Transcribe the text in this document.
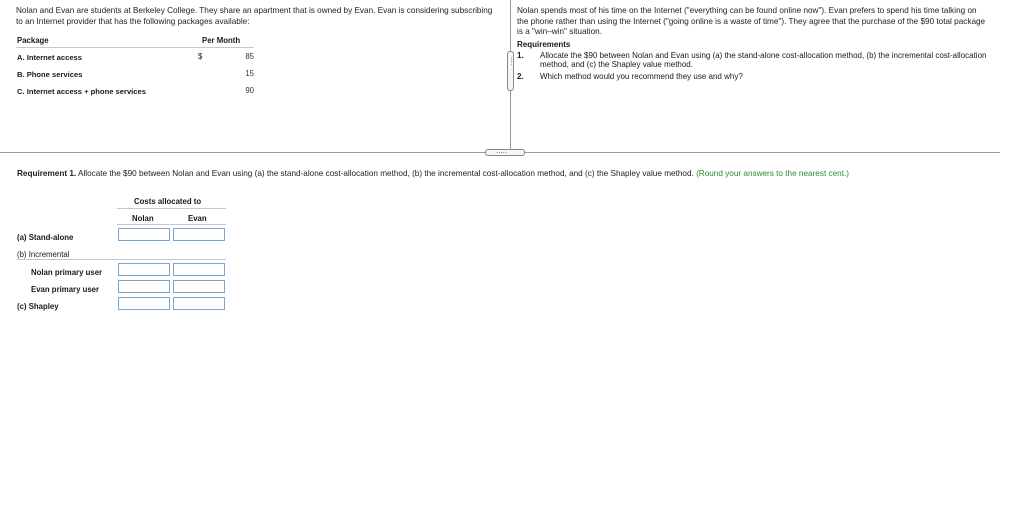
Nolan and Evan are students at Berkeley College. They share an apartment that is owned by Evan. Evan is considering subscribing to an Internet provider that has the following packages available:

Package	Per Month
A. Internet access	$	85
B. Phone services	15
C. Internet access + phone services	90
.....
.....

Nolan spends most of his time on the Internet ("everything can be found online now"). Evan prefers to spend his time talking on the phone rather than using the Internet ("going online is a waste of time"). They agree that the purchase of the $90 total package is a "win–win" situation.

Requirements
1. Allocate the $90 between Nolan and Evan using (a) the stand-alone cost-allocation method, (b) the incremental cost-allocation method, and (c) the Shapley value method.
2. Which method would you recommend they use and why?
Requirement 1. Allocate the $90 between Nolan and Evan using (a) the stand-alone cost-allocation method, (b) the incremental cost-allocation method, and (c) the Shapley value method. (Round your answers to the nearest cent.)
Costs allocated to
Nolan	Evan
(a) Stand-alone
(b) Incremental
Nolan primary user
Evan primary user
(c) Shapley
